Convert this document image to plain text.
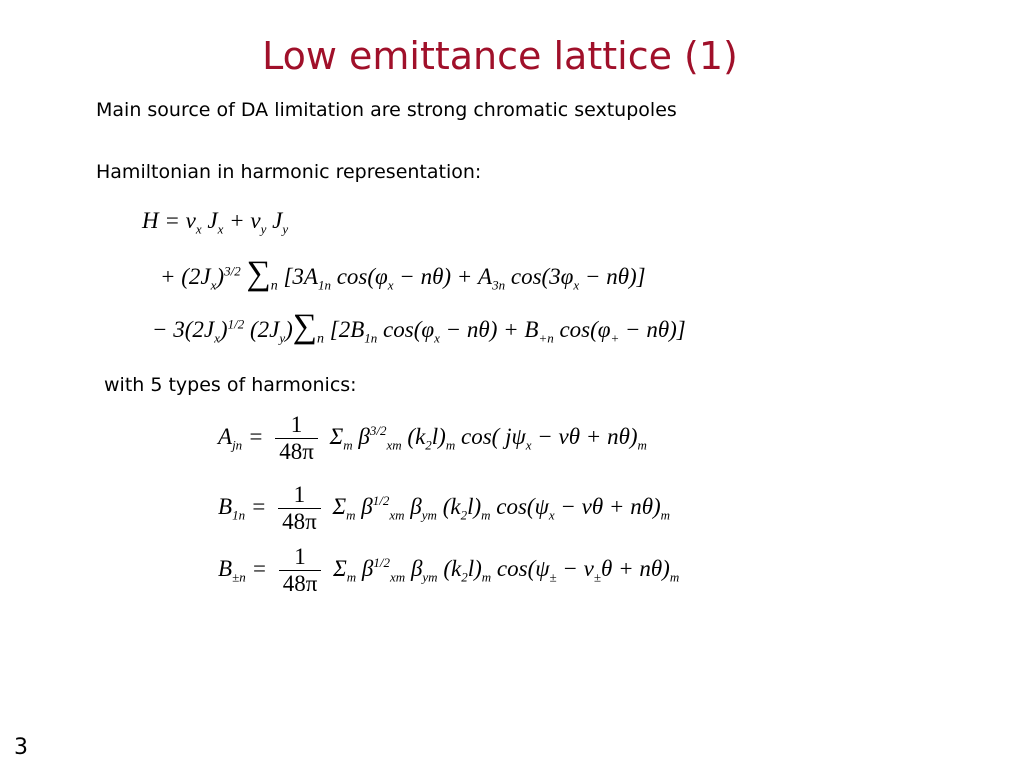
Low emittance lattice (1)
Main source of DA limitation are strong chromatic sextupoles
Hamiltonian in harmonic representation:
$H = \nu_x$ $J_x + \nu_y$ $J_y$
+ $(2J_x)^{3/2}$ $\sum_n$ [$3A_{1n}$ $\cos(\varphi_x - n\theta) + A_{3n}$ $\cos(3\varphi_x - n\theta)$]
− $3(2J_x)^{1/2}$ $(2J_y)\sum_n$ [$2B_{1n}$ $\cos(\varphi_x - n\theta) + B_{+n}$ $\cos(\varphi_+ - n\theta)$]
with 5 types of harmonics:
$A_{jn} = \frac{1}{48\pi} \Sigma_m$ $\beta^{3/2}_{xm}$ $(k_2l)_m$ cos( $j\psi_x - \nu\theta + n\theta)_m$
$B_{1n} = \frac{1}{48\pi} \Sigma_m$ $\beta^{1/2}_{xm}$ $\beta_{ym}$ $(k_2l)_m$ $\cos(\psi_x - \nu\theta + n\theta)_m$
$B_{\pm n} = \frac{1}{48\pi} \Sigma_m$ $\beta^{1/2}_{xm}$ $\beta_{ym}$ $(k_2l)_m$ $\cos(\psi_\pm - \nu_\pm\theta + n\theta)_m$
3
